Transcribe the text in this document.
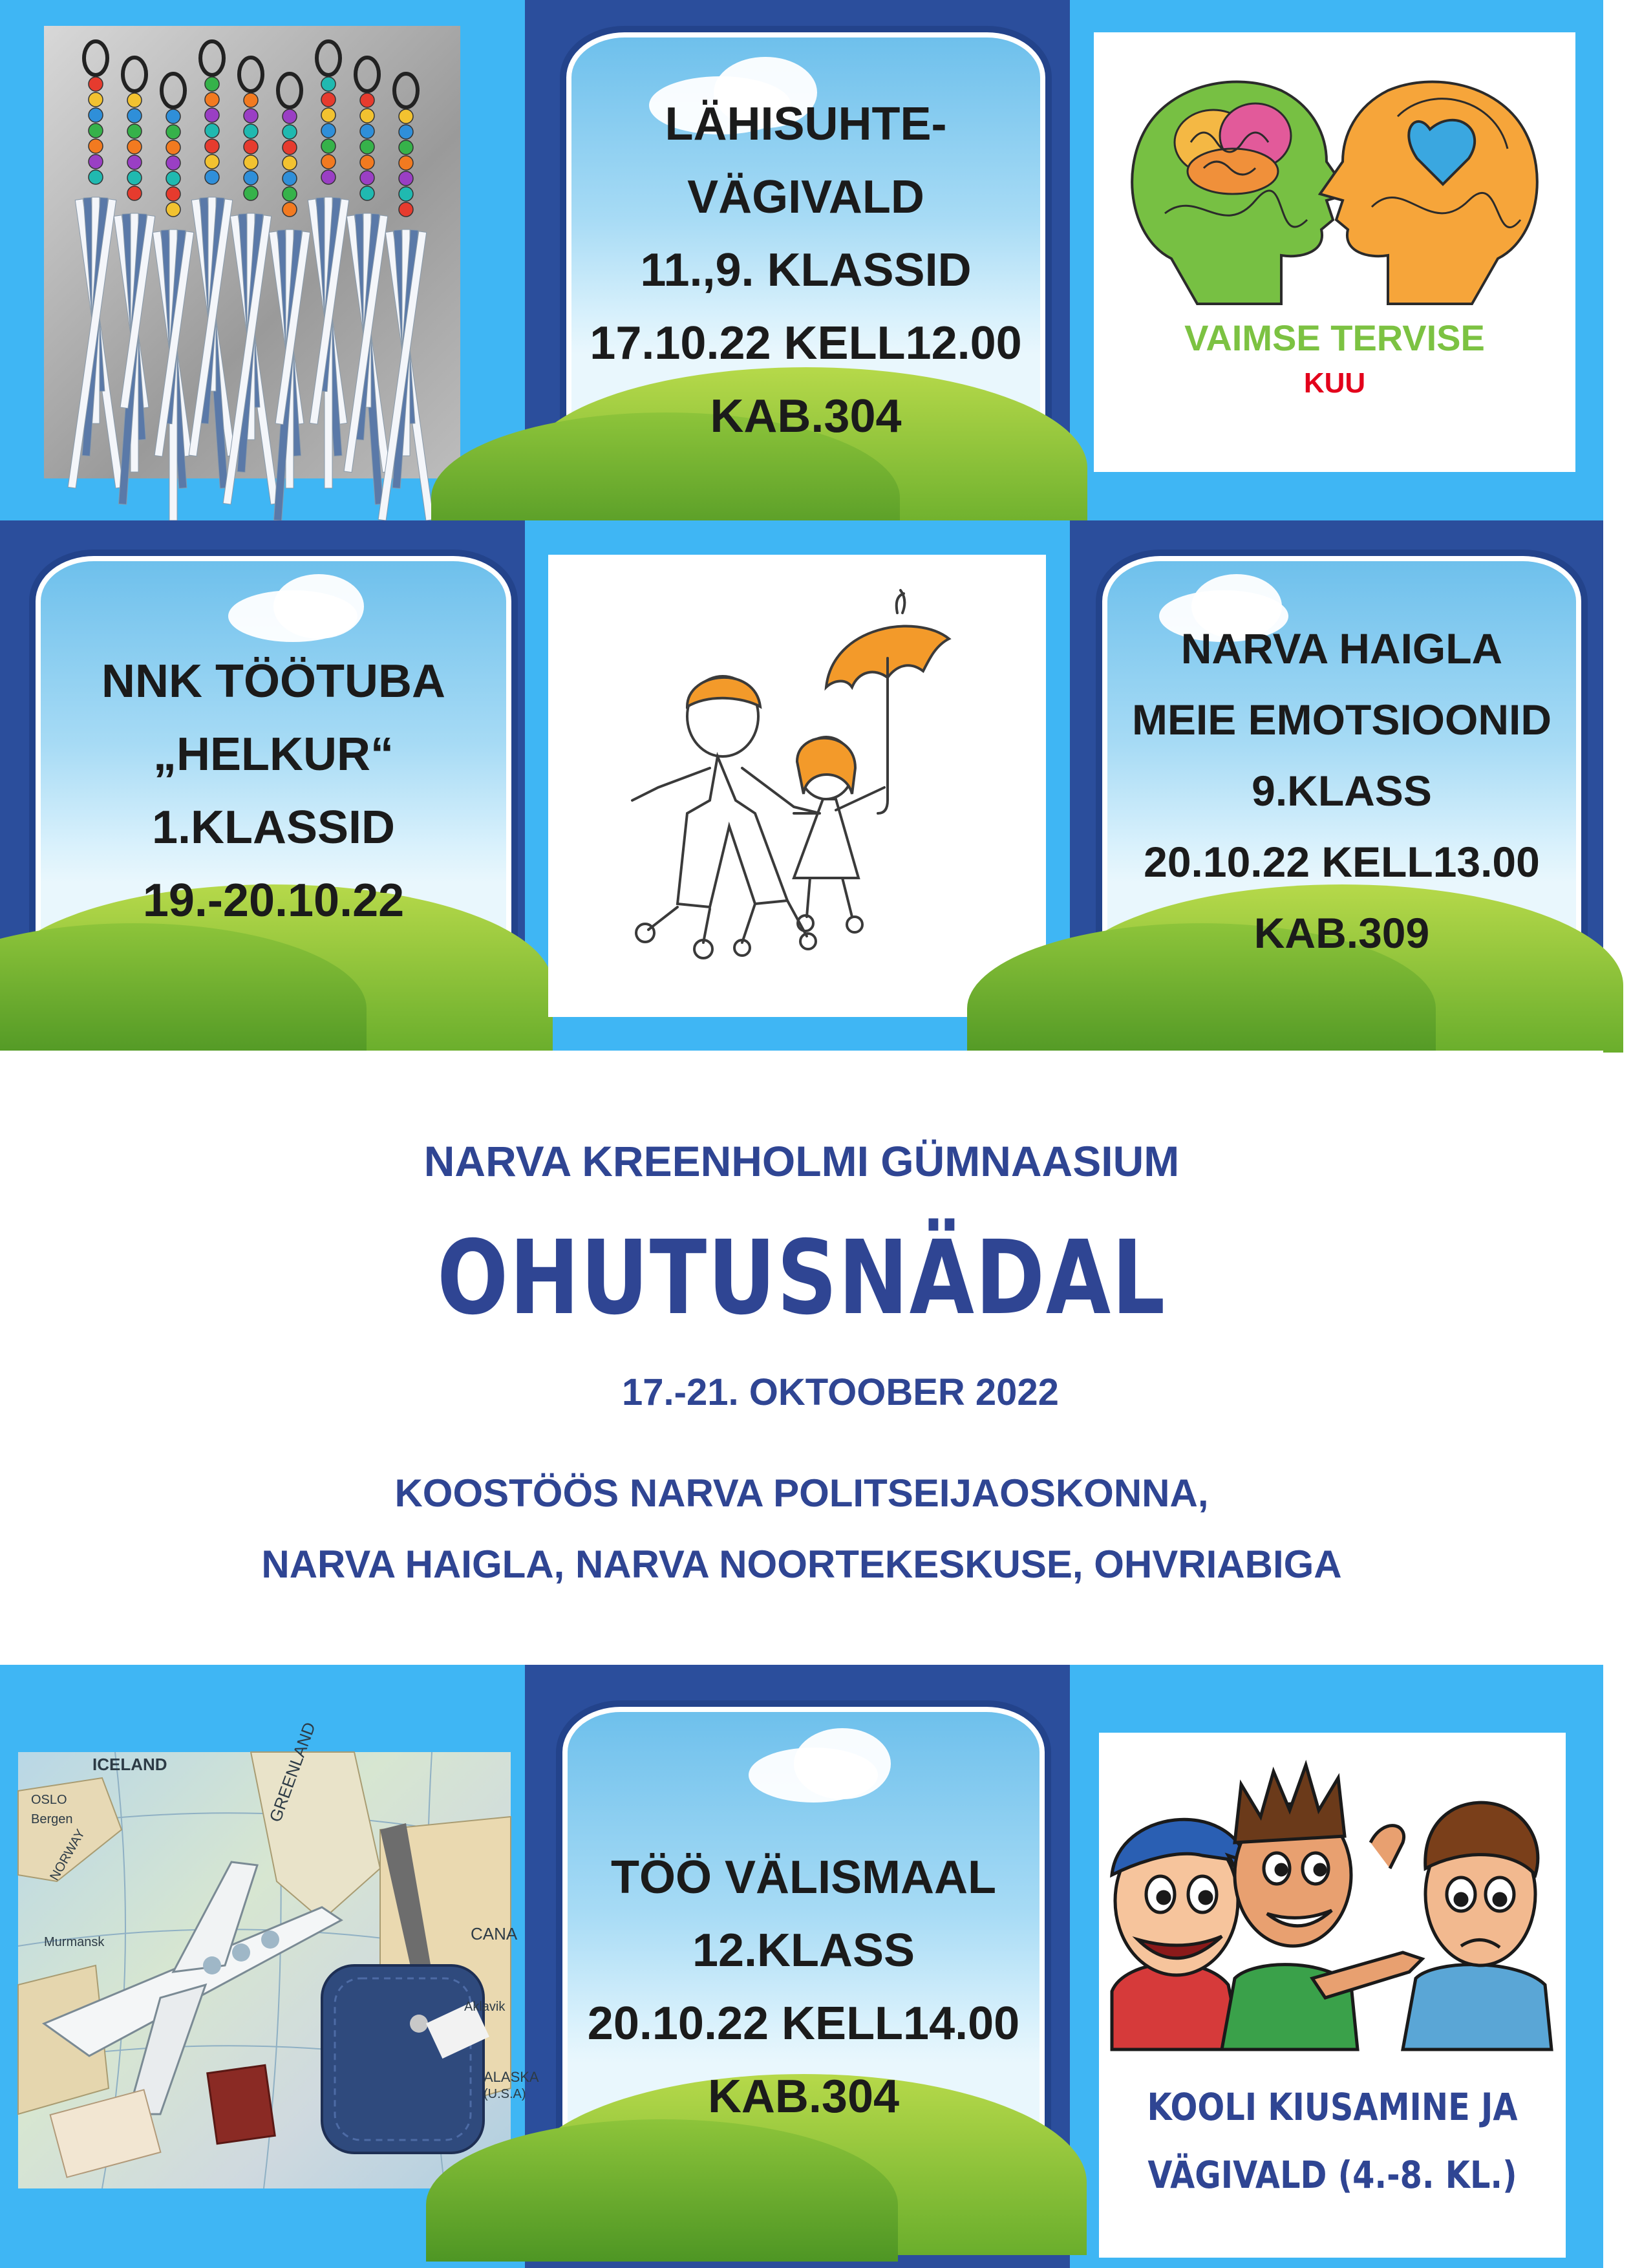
LÄHISUHTE-
VÄGIVALD
11.,9. KLASSID
17.10.22 KELL12.00
KAB.304
VAIMSE TERVISE
KUU
NNK TÖÖTUBA
„HELKUR“
1.KLASSID
19.-20.10.22
NARVA HAIGLA
MEIE EMOTSIOONID
9.KLASS
20.10.22 KELL13.00
KAB.309
NARVA KREENHOLMI GÜMNAASIUM
OHUTUSNÄDAL
17.-21. OKTOOBER 2022
KOOSTÖÖS NARVA POLITSEIJAOSKONNA,
NARVA HAIGLA, NARVA NOORTEKESKUSE, OHVRIABIGA
ICELAND	GREENLAND
CANA
ALASKA
(U.S.A)
Bergen
OSLO
Murmansk
NORWAY
Aklavik
TÖÖ VÄLISMAAL
12.KLASS
20.10.22 KELL14.00
KAB.304	KOOLI KIUSAMINE JA
VÄGIVALD (4.-8. KL.)
